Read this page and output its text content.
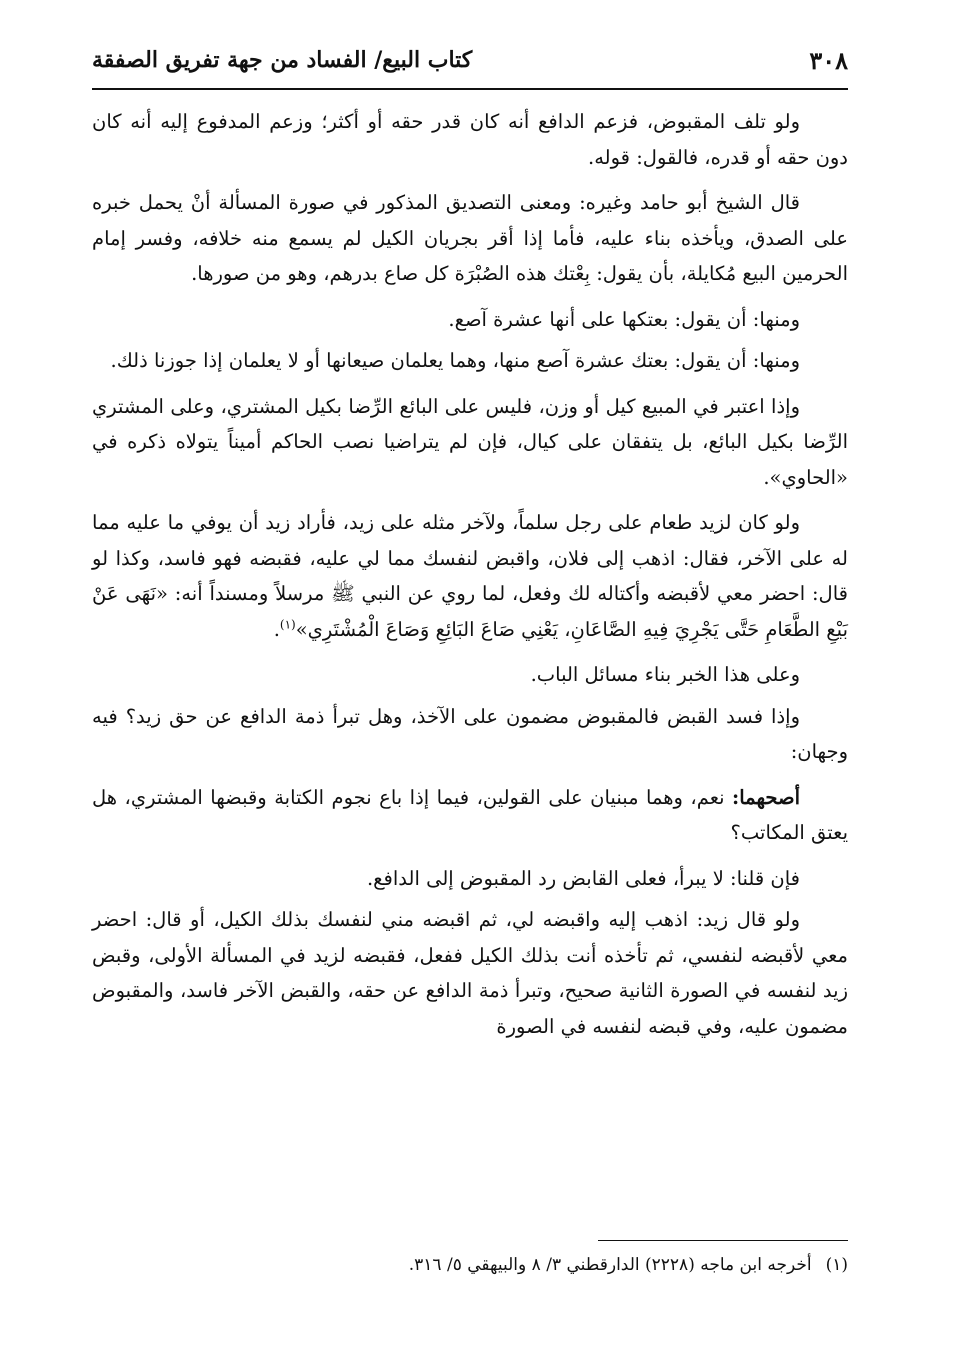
٣٠٨
كتاب البيع/ الفساد من جهة تفريق الصفقة

ولو تلف المقبوض، فزعم الدافع أنه كان قدر حقه أو أكثر؛ وزعم المدفوع إليه أنه كان دون حقه أو قدره، فالقول: قوله.

قال الشيخ أبو حامد وغيره: ومعنى التصديق المذكور في صورة المسألة أنْ يحمل خبره على الصدق، ويأخذه بناء عليه، فأما إذا أقر بجريان الكيل لم يسمع منه خلافه، وفسر إمام الحرمين البيع مُكايلة، بأن يقول: بِعْتك هذه الصُبْرَة كل صاع بدرهم، وهو من صورها.

ومنها: أن يقول: بعتكها على أنها عشرة آصع.

ومنها: أن يقول: بعتك عشرة آصع منها، وهما يعلمان صيعانها أو لا يعلمان إذا جوزنا ذلك.

وإذا اعتبر في المبيع كيل أو وزن، فليس على البائع الرِّضا بكيل المشتري، وعلى المشتري الرِّضا بكيل البائع، بل يتفقان على كيال، فإن لم يتراضيا نصب الحاكم أميناً يتولاه ذكره في «الحاوي».

ولو كان لزيد طعام على رجل سلماً، ولآخر مثله على زيد، فأراد زيد أن يوفي ما عليه مما له على الآخر، فقال: اذهب إلى فلان، واقبض لنفسك مما لي عليه، فقبضه فهو فاسد، وكذا لو قال: احضر معي لأقبضه وأكتاله لك وفعل، لما روي عن النبي ﷺ مرسلاً ومسنداً أنه: «نَهَى عَنْ بَيْعِ الطَّعَامِ حَتَّى يَجْرِيَ فِيهِ الصَّاعَانِ، يَعْنِي صَاعَ البَائِعِ وَصَاعَ الْمُشْتَرِي»$^{(١)}$.

وعلى هذا الخبر بناء مسائل الباب.

وإذا فسد القبض فالمقبوض مضمون على الآخذ، وهل تبرأ ذمة الدافع عن حق زيد؟ فيه وجهان:

أصحهما: نعم، وهما مبنيان على القولين، فيما إذا باع نجوم الكتابة وقبضها المشتري، هل يعتق المكاتب؟

فإن قلنا: لا يبرأ، فعلى القابض رد المقبوض إلى الدافع.

ولو قال زيد: اذهب إليه واقبضه لي، ثم اقبضه مني لنفسك بذلك الكيل، أو قال: احضر معي لأقبضه لنفسي، ثم تأخذه أنت بذلك الكيل ففعل، فقبضه لزيد في المسألة الأولى، وقبض زيد لنفسه في الصورة الثانية صحيح، وتبرأ ذمة الدافع عن حقه، والقبض الآخر فاسد، والمقبوض مضمون عليه، وفي قبضه لنفسه في الصورة

(١)أخرجه ابن ماجه (٢٢٢٨) الدارقطني ٣/ ٨ والبيهقي ٥/ ٣١٦.
